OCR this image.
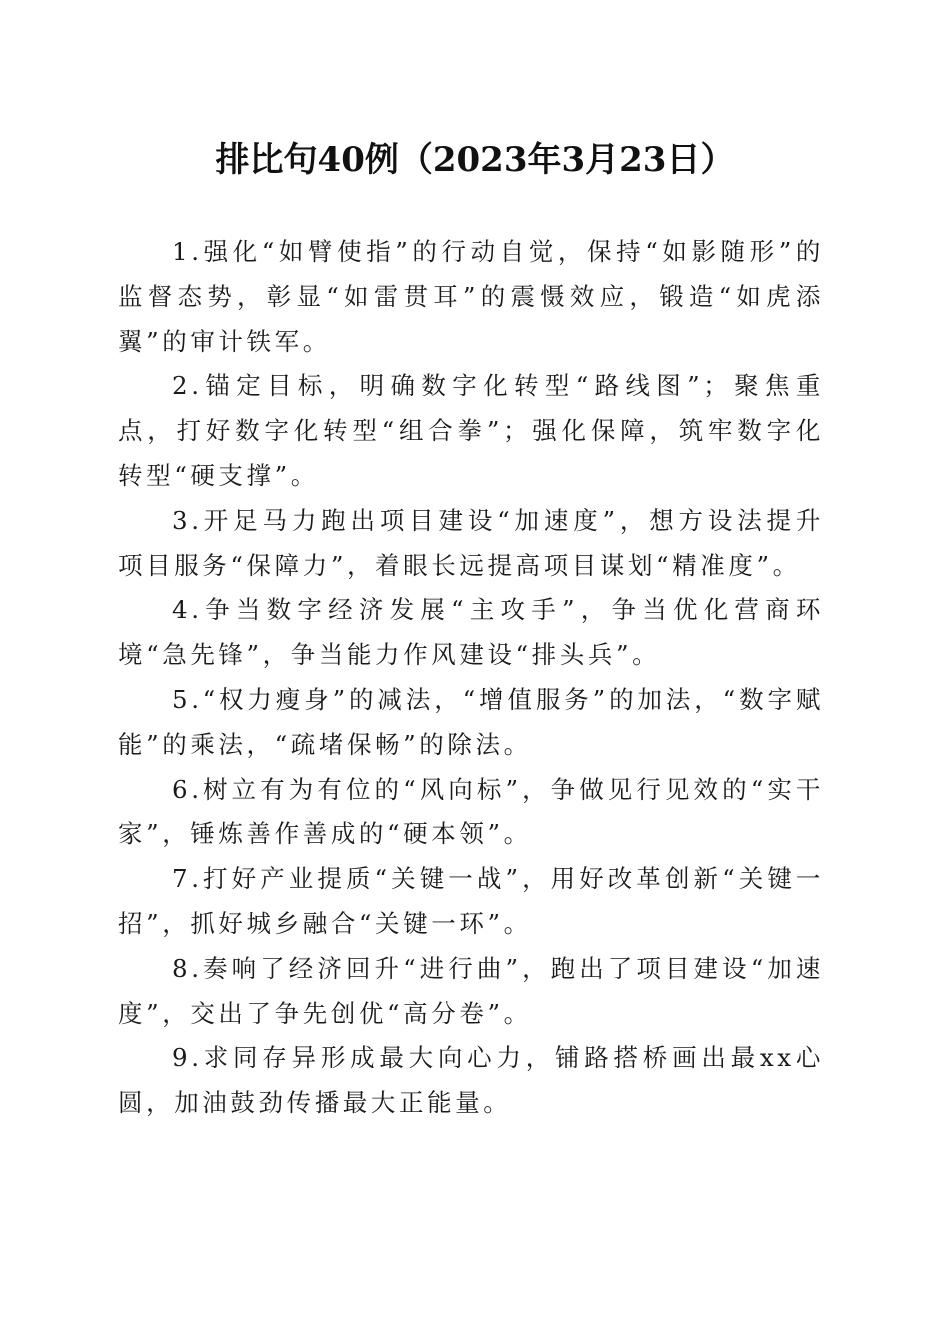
排比句40例（2023年3月23日）

1.强化“如臂使指”的行动自觉，保持“如影随形”的监督态势，彰显“如雷贯耳”的震慑效应，锻造“如虎添翼”的审计铁军。

2.锚定目标，明确数字化转型“路线图”；聚焦重点，打好数字化转型“组合拳”；强化保障，筑牢数字化转型“硬支撑”。

3.开足马力跑出项目建设“加速度”，想方设法提升项目服务“保障力”，着眼长远提高项目谋划“精准度”。

4.争当数字经济发展“主攻手”，争当优化营商环境“急先锋”，争当能力作风建设“排头兵”。

5.“权力瘦身”的减法，“增值服务”的加法，“数字赋能”的乘法，“疏堵保畅”的除法。

6.树立有为有位的“风向标”，争做见行见效的“实干家”，锤炼善作善成的“硬本领”。

7.打好产业提质“关键一战”，用好改革创新“关键一招”，抓好城乡融合“关键一环”。

8.奏响了经济回升“进行曲”，跑出了项目建设“加速度”，交出了争先创优“高分卷”。

9.求同存异形成最大向心力，铺路搭桥画出最xx心圆，加油鼓劲传播最大正能量。
